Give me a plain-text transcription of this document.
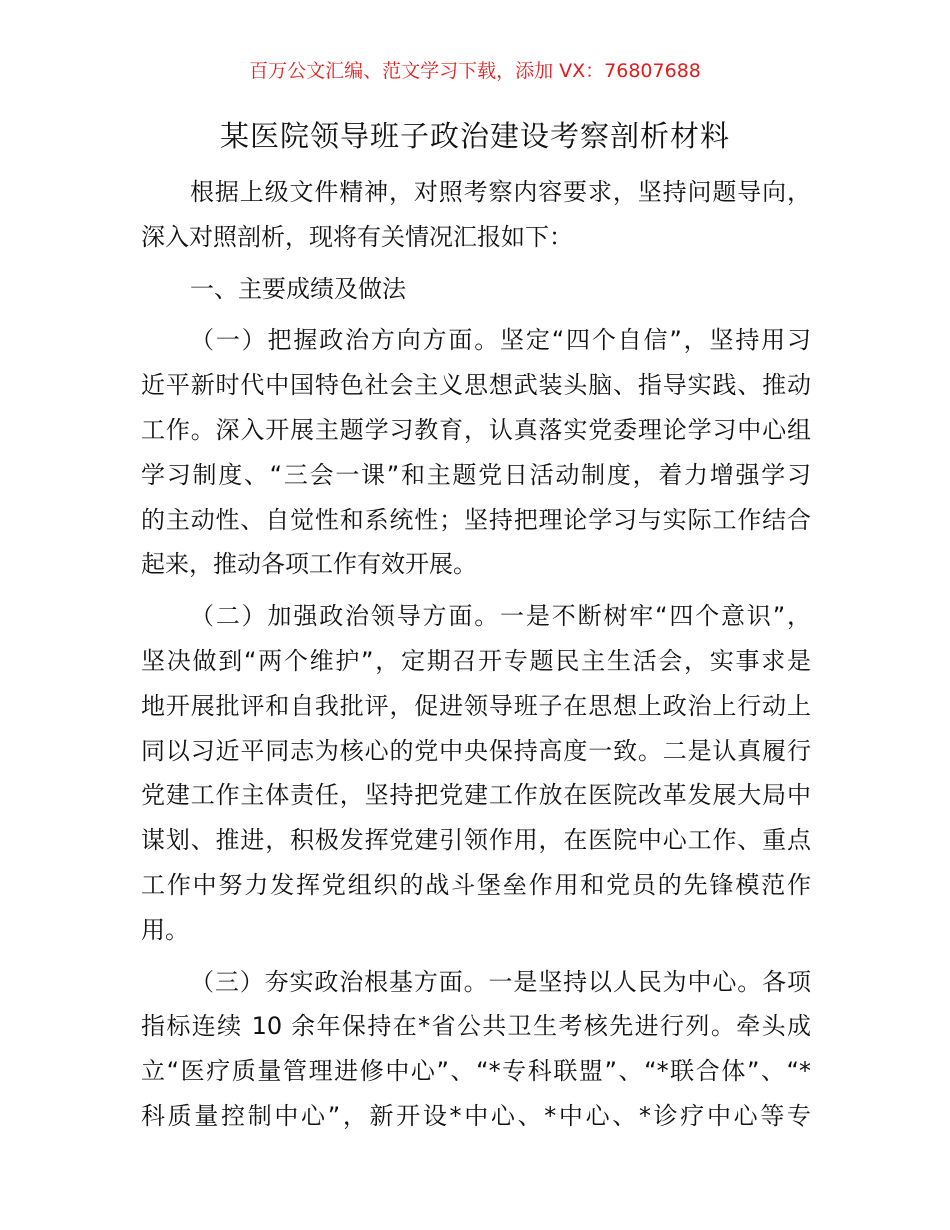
百万公文汇编、范文学习下载，添加 VX：76807688
某医院领导班子政治建设考察剖析材料
根据上级文件精神，对照考察内容要求，坚持问题导向，
深入对照剖析，现将有关情况汇报如下：
一、主要成绩及做法
（一）把握政治方向方面。坚定“四个自信”，坚持用习
近平新时代中国特色社会主义思想武装头脑、指导实践、推动
工作。深入开展主题学习教育，认真落实党委理论学习中心组
学习制度、“三会一课”和主题党日活动制度，着力增强学习
的主动性、自觉性和系统性；坚持把理论学习与实际工作结合
起来，推动各项工作有效开展。
（二）加强政治领导方面。一是不断树牢“四个意识”，
坚决做到“两个维护”，定期召开专题民主生活会，实事求是
地开展批评和自我批评，促进领导班子在思想上政治上行动上
同以习近平同志为核心的党中央保持高度一致。二是认真履行
党建工作主体责任，坚持把党建工作放在医院改革发展大局中
谋划、推进，积极发挥党建引领作用，在医院中心工作、重点
工作中努力发挥党组织的战斗堡垒作用和党员的先锋模范作
用。
（三）夯实政治根基方面。一是坚持以人民为中心。各项
指标连续 10 余年保持在*省公共卫生考核先进行列。牵头成
立“医疗质量管理进修中心”、“*专科联盟”、“*联合体”、“*
科质量控制中心”，新开设*中心、*中心、*诊疗中心等专
